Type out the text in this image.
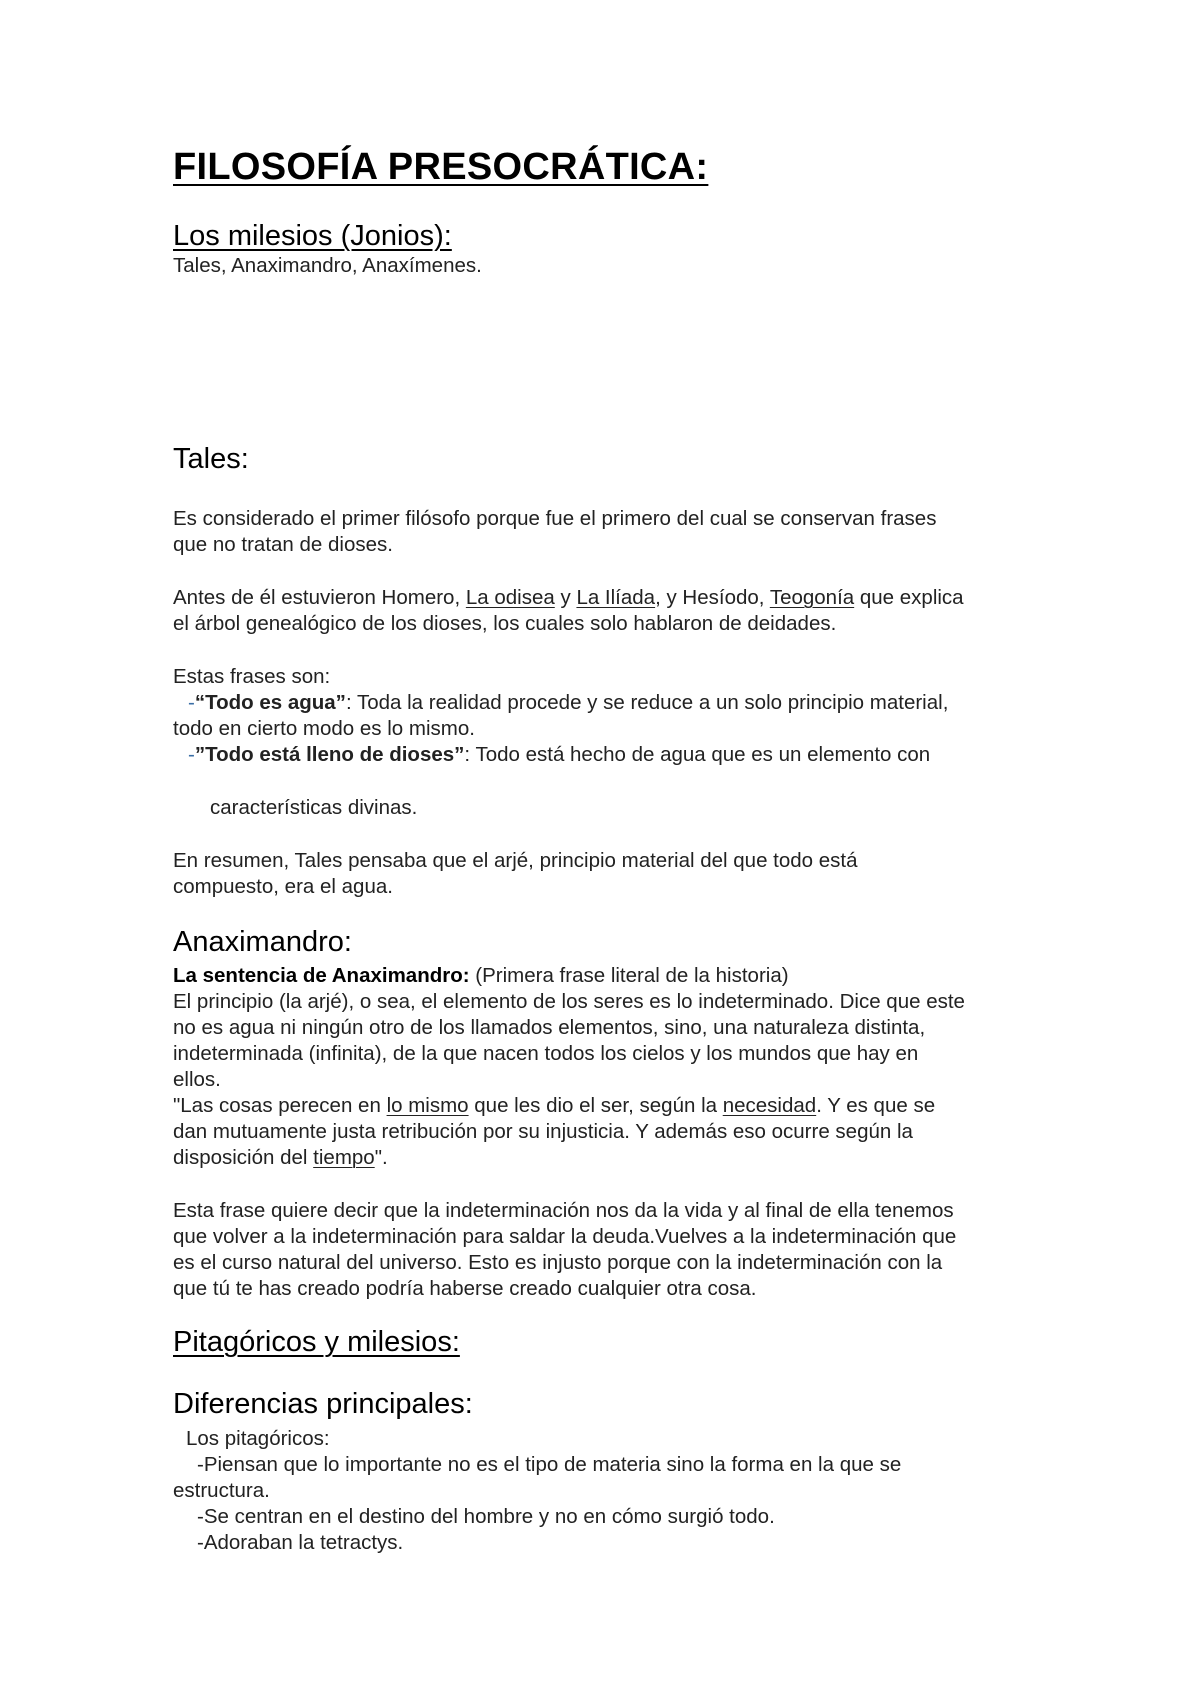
FILOSOFÍA PRESOCRÁTICA:
Los milesios (Jonios):
Tales, Anaximandro, Anaxímenes.
Tales:
Es considerado el primer filósofo porque fue el primero del cual se conservan frases
que no tratan de dioses.
Antes de él estuvieron Homero, La odisea y La Ilíada, y Hesíodo, Teogonía que explica
el árbol genealógico de los dioses, los cuales solo hablaron de deidades.
Estas frases son:
-“Todo es agua”: Toda la realidad procede y se reduce a un solo principio material,
todo en cierto modo es lo mismo.
-”Todo está lleno de dioses”: Todo está hecho de agua que es un elemento con
características divinas.
En resumen, Tales pensaba que el arjé, principio material del que todo está
compuesto, era el agua.
Anaximandro:
La sentencia de Anaximandro: (Primera frase literal de la historia)
El principio (la arjé), o sea, el elemento de los seres es lo indeterminado. Dice que este
no es agua ni ningún otro de los llamados elementos, sino, una naturaleza distinta,
indeterminada (infinita), de la que nacen todos los cielos y los mundos que hay en
ellos.
"Las cosas perecen en lo mismo que les dio el ser, según la necesidad. Y es que se
dan mutuamente justa retribución por su injusticia. Y además eso ocurre según la
disposición del tiempo".
Esta frase quiere decir que la indeterminación nos da la vida y al final de ella tenemos
que volver a la indeterminación para saldar la deuda.Vuelves a la indeterminación que
es el curso natural del universo. Esto es injusto porque con la indeterminación con la
que tú te has creado podría haberse creado cualquier otra cosa.
Pitagóricos y milesios:
Diferencias principales:
Los pitagóricos:
-Piensan que lo importante no es el tipo de materia sino la forma en la que se
estructura.
-Se centran en el destino del hombre y no en cómo surgió todo.
-Adoraban la tetractys.
